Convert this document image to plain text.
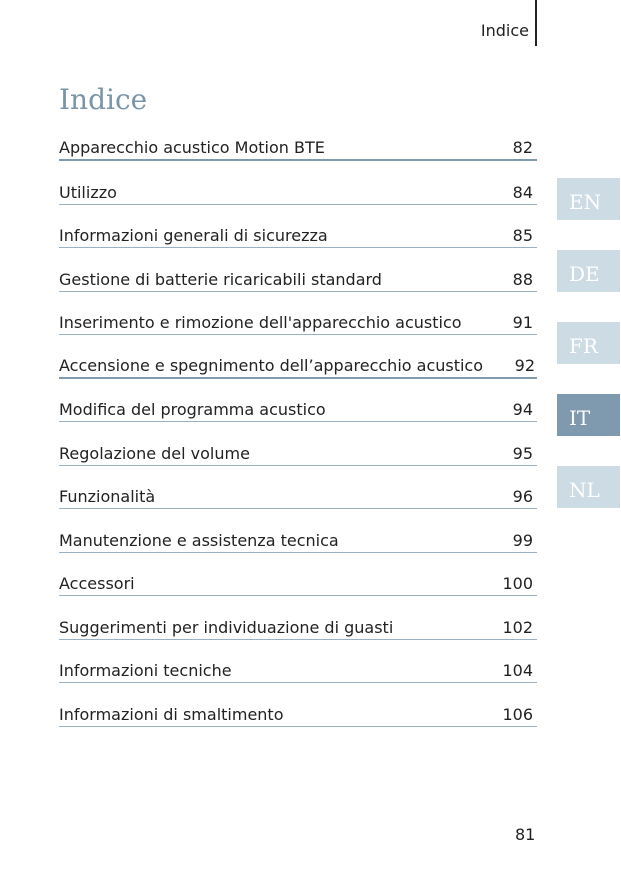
Indice
Indice
Apparecchio acustico Motion BTE	82
Utilizzo	84
Informazioni generali di sicurezza	85
Gestione di batterie ricaricabili standard	88
Inserimento e rimozione dell'apparecchio acustico	91
Accensione e spegnimento dell’apparecchio acustico 92
Modifica del programma acustico	94
Regolazione del volume	95
Funzionalità	96
Manutenzione e assistenza tecnica	99
Accessori	100
Suggerimenti per individuazione di guasti	102
Informazioni tecniche	104
Informazioni di smaltimento	106
EN
DE
FR
IT
NL
81
